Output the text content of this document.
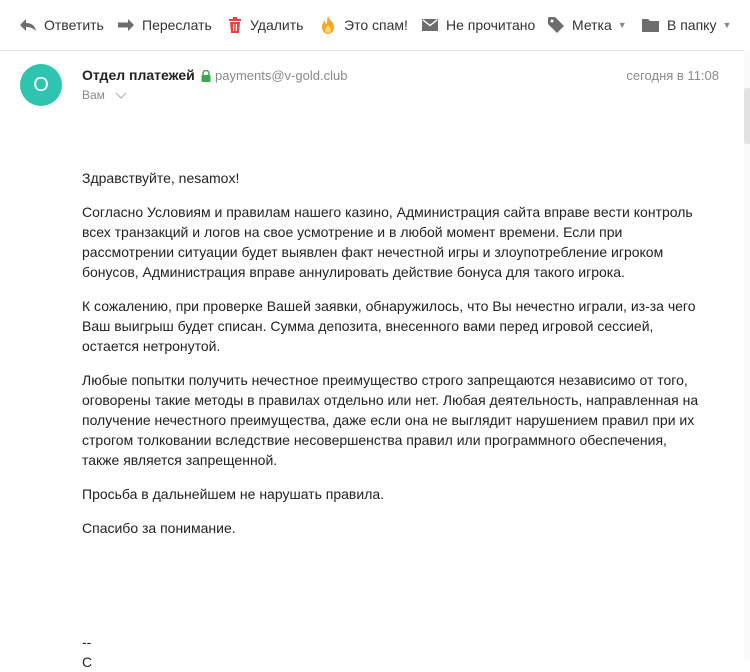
Ответить	Переслать	Удалить	Это спам!	Не прочитано	Метка ▼	В папку ▼
О Отдел платежей payments@v-gold.club	сегодня в 11:08
Вам

Здравствуйте, nesamox!

Согласно Условиям и правилам нашего казино, Администрация сайта вправе вести контроль всех транзакций и логов на свое усмотрение и в любой момент времени. Если при рассмотрении ситуации будет выявлен факт нечестной игры и злоупотребление игроком бонусов, Администрация вправе аннулировать действие бонуса для такого игрока.

К сожалению, при проверке Вашей заявки, обнаружилось, что Вы нечестно играли, из-за чего Ваш выигрыш будет списан. Сумма депозита, внесенного вами перед игровой сессией, остается нетронутой.

Любые попытки получить нечестное преимущество строго запрещаются независимо от того, оговорены такие методы в правилах отдельно или нет. Любая деятельность, направленная на получение нечестного преимущества, даже если она не выглядит нарушением правил при их строгом толковании вследствие несовершенства правил или программного обеспечения, также является запрещенной.

Просьба в дальнейшем не нарушать правила.

Спасибо за понимание.

--
С
